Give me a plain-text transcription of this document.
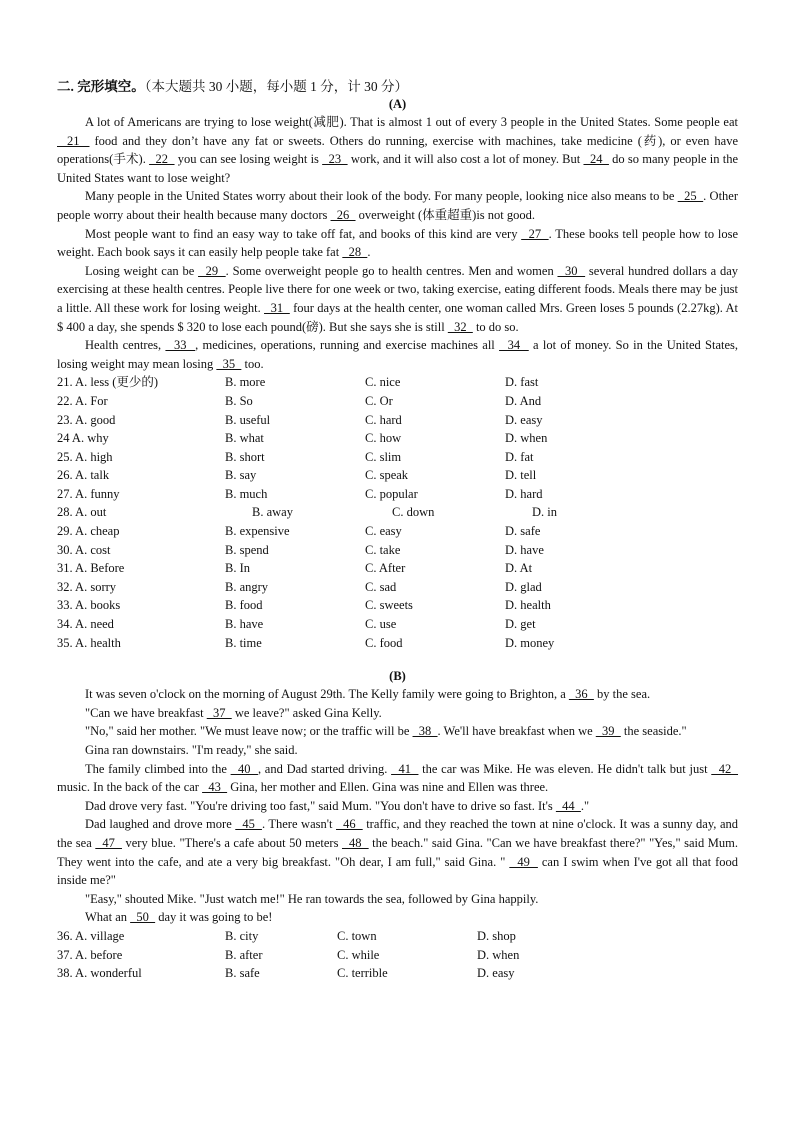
二. 完形填空。（本大题共 30 小题，每小题 1 分，计 30 分）
(A)

A lot of Americans are trying to lose weight(减肥). That is almost 1 out of every 3 people in the United States. Some people eat   21   food and they don’t have any fat or sweets. Others do running, exercise with machines, take medicine (药), or even have operations(手术).   22   you can see losing weight is   23   work, and it will also cost a lot of money. But   24   do so many people in the United States want to lose weight?

Many people in the United States worry about their look of the body. For many people, looking nice also means to be   25  . Other people worry about their health because many doctors   26   overweight (体重超重)is not good.

Most people want to find an easy way to take off fat, and books of this kind are very   27  . These books tell people how to lose weight. Each book says it can easily help people take fat   28  .

Losing weight can be   29  . Some overweight people go to health centres. Men and women   30   several hundred dollars a day exercising at these health centres. People live there for one week or two, taking exercise, eating different foods. Meals there may be just a little. All these work for losing weight.   31   four days at the health center, one woman called Mrs. Green loses 5 pounds (2.27kg). At $ 400 a day, she spends $ 320 to lose each pound(磅). But she says she is still   32   to do so.

Health centres,   33  , medicines, operations, running and exercise machines all   34   a lot of money. So in the United States, losing weight may mean losing   35   too.

21. A. less (更少的)	B. more	C. nice	D. fast
22. A. For	B. So	C. Or	D. And
23. A. good	B. useful	C. hard	D. easy
24 A. why	B. what	C. how	D. when
25. A. high	B. short	C. slim	D. fat
26. A. talk	B. say	C. speak	D. tell
27. A. funny	B. much	C. popular	D. hard
28. A. out	B. away	C. down	D. in
29. A. cheap	B. expensive	C. easy	D. safe
30. A. cost	B. spend	C. take	D. have
31. A. Before	B. In	C. After	D. At
32. A. sorry	B. angry	C. sad	D. glad
33. A. books	B. food	C. sweets	D. health
34. A. need	B. have	C. use	D. get
35. A. health	B. time	C. food	D. money
(B)

It was seven o'clock on the morning of August 29th. The Kelly family were going to Brighton, a   36   by the sea.

"Can we have breakfast   37   we leave?" asked Gina Kelly.

"No," said her mother. "We must leave now; or the traffic will be   38  . We'll have breakfast when we   39   the seaside."

Gina ran downstairs. "I'm ready," she said.

The family climbed into the   40  , and Dad started driving.   41   the car was Mike. He was eleven. He didn't talk but just   42   music. In the back of the car   43   Gina, her mother and Ellen. Gina was nine and Ellen was three.

Dad drove very fast. "You're driving too fast," said Mum. "You don't have to drive so fast. It's   44  ."

Dad laughed and drove more   45  . There wasn't   46   traffic, and they reached the town at nine o'clock. It was a sunny day, and the sea   47   very blue. "There's a cafe about 50 meters   48   the beach." said Gina. "Can we have breakfast there?" "Yes," said Mum. They went into the cafe, and ate a very big breakfast. "Oh dear, I am full," said Gina. "   49   can I swim when I've got all that food inside me?"

"Easy," shouted Mike. "Just watch me!" He ran towards the sea, followed by Gina happily.

What an   50   day it was going to be!

36. A. village	B. city	C. town	D. shop
37. A. before	B. after	C. while	D. when
38. A. wonderful	B. safe	C. terrible	D. easy
